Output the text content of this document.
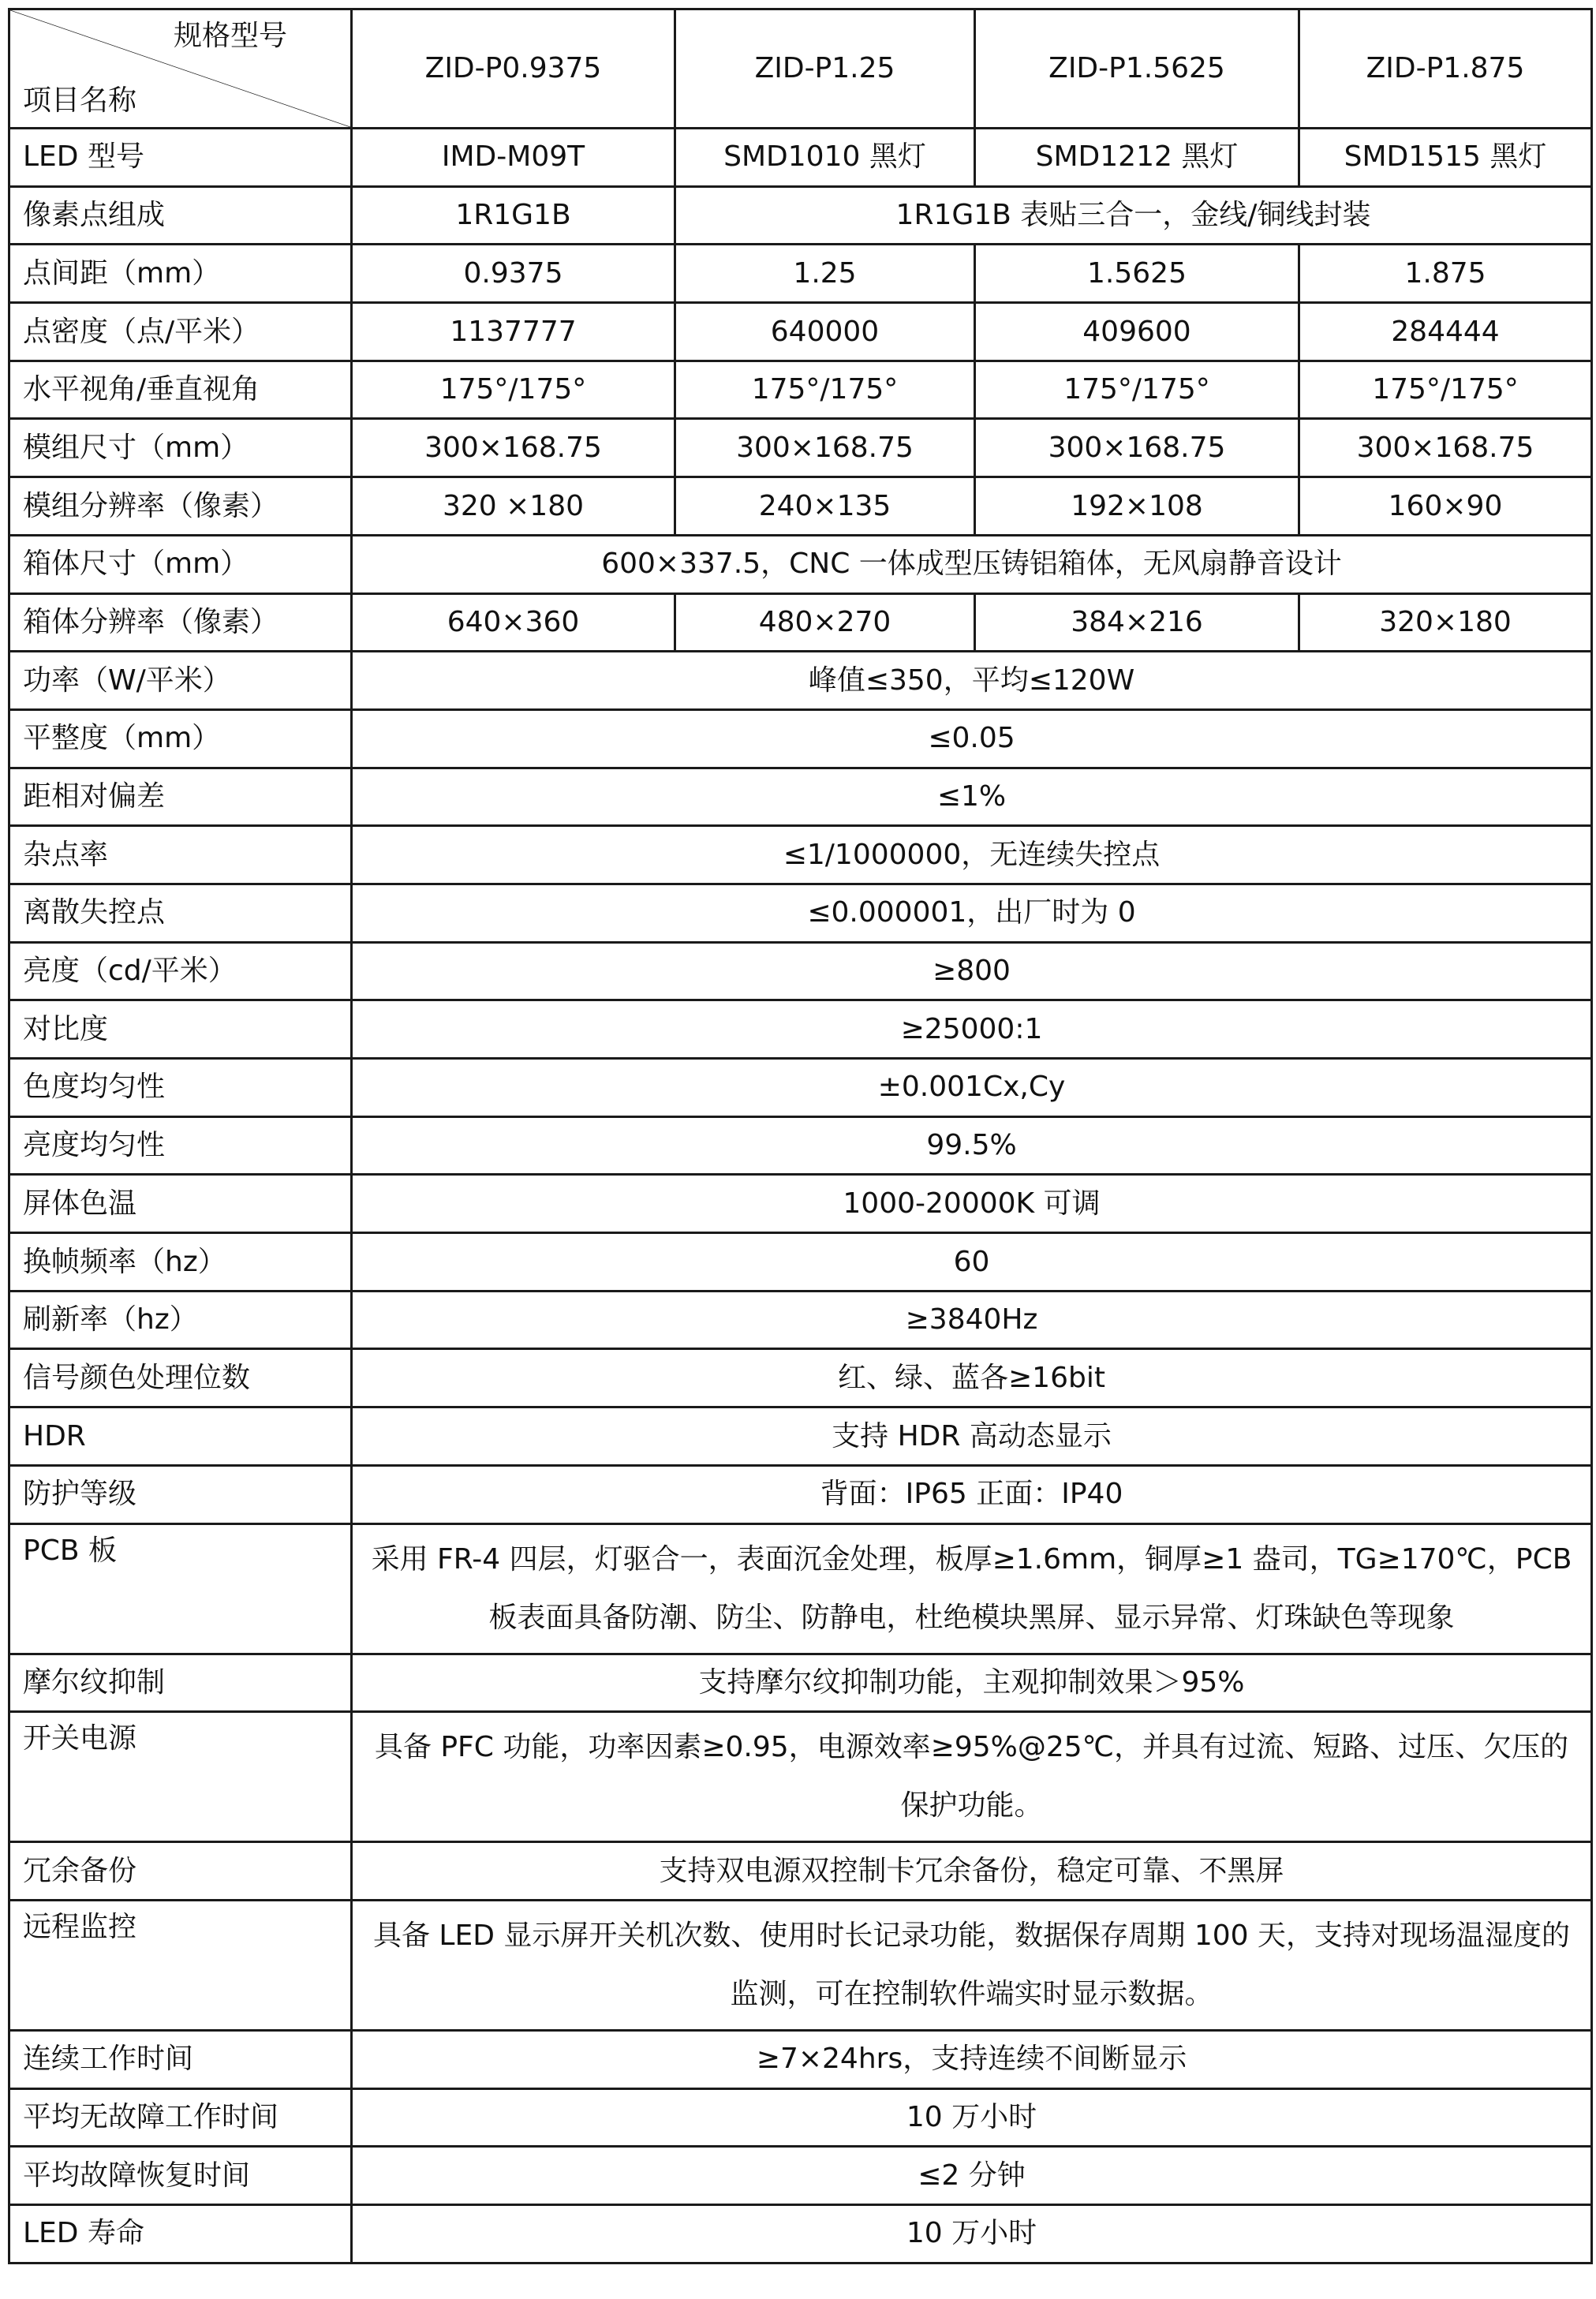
规格型号
项目名称	ZID-P0.9375	ZID-P1.25	ZID-P1.5625	ZID-P1.875
LED 型号	IMD-M09T	SMD1010 黑灯	SMD1212 黑灯	SMD1515 黑灯
像素点组成	1R1G1B	1R1G1B 表贴三合一，金线/铜线封装		
点间距（mm）	0.9375	1.25	1.5625	1.875
点密度（点/平米）	1137777	640000	409600	284444
水平视角/垂直视角	175°/175°	175°/175°	175°/175°	175°/175°
模组尺寸（mm）	300×168.75	300×168.75	300×168.75	300×168.75
模组分辨率（像素）	320 ×180	240×135	192×108	160×90
箱体尺寸（mm）	600×337.5，CNC 一体成型压铸铝箱体，无风扇静音设计			
箱体分辨率（像素）	640×360	480×270	384×216	320×180
功率（W/平米）	峰值≤350，平均≤120W			
平整度（mm）	≤0.05			
距相对偏差	≤1%			
杂点率	≤1/1000000，无连续失控点			
离散失控点	≤0.000001，出厂时为 0			
亮度（cd/平米）	≥800			
对比度	≥25000:1			
色度均匀性	±0.001Cx,Cy			
亮度均匀性	99.5%			
屏体色温	1000-20000K 可调			
换帧频率（hz）	60			
刷新率（hz）	≥3840Hz			
信号颜色处理位数	红、绿、蓝各≥16bit			
HDR	支持 HDR 高动态显示			
防护等级	背面：IP65 正面：IP40			
PCB 板	采用 FR-4 四层，灯驱合一，表面沉金处理，板厚≥1.6mm，铜厚≥1 盎司，TG≥170℃，PCB 板表面具备防潮、防尘、防静电，杜绝模块黑屏、显示异常、灯珠缺色等现象			
摩尔纹抑制	支持摩尔纹抑制功能，主观抑制效果＞95%			
开关电源	具备 PFC 功能，功率因素≥0.95，电源效率≥95%@25℃，并具有过流、短路、过压、欠压的保护功能。			
冗余备份	支持双电源双控制卡冗余备份，稳定可靠、不黑屏			
远程监控	具备 LED 显示屏开关机次数、使用时长记录功能，数据保存周期 100 天，支持对现场温湿度的监测，可在控制软件端实时显示数据。			
连续工作时间	≥7×24hrs，支持连续不间断显示			
平均无故障工作时间	10 万小时			
平均故障恢复时间	≤2 分钟			
LED 寿命	10 万小时			
